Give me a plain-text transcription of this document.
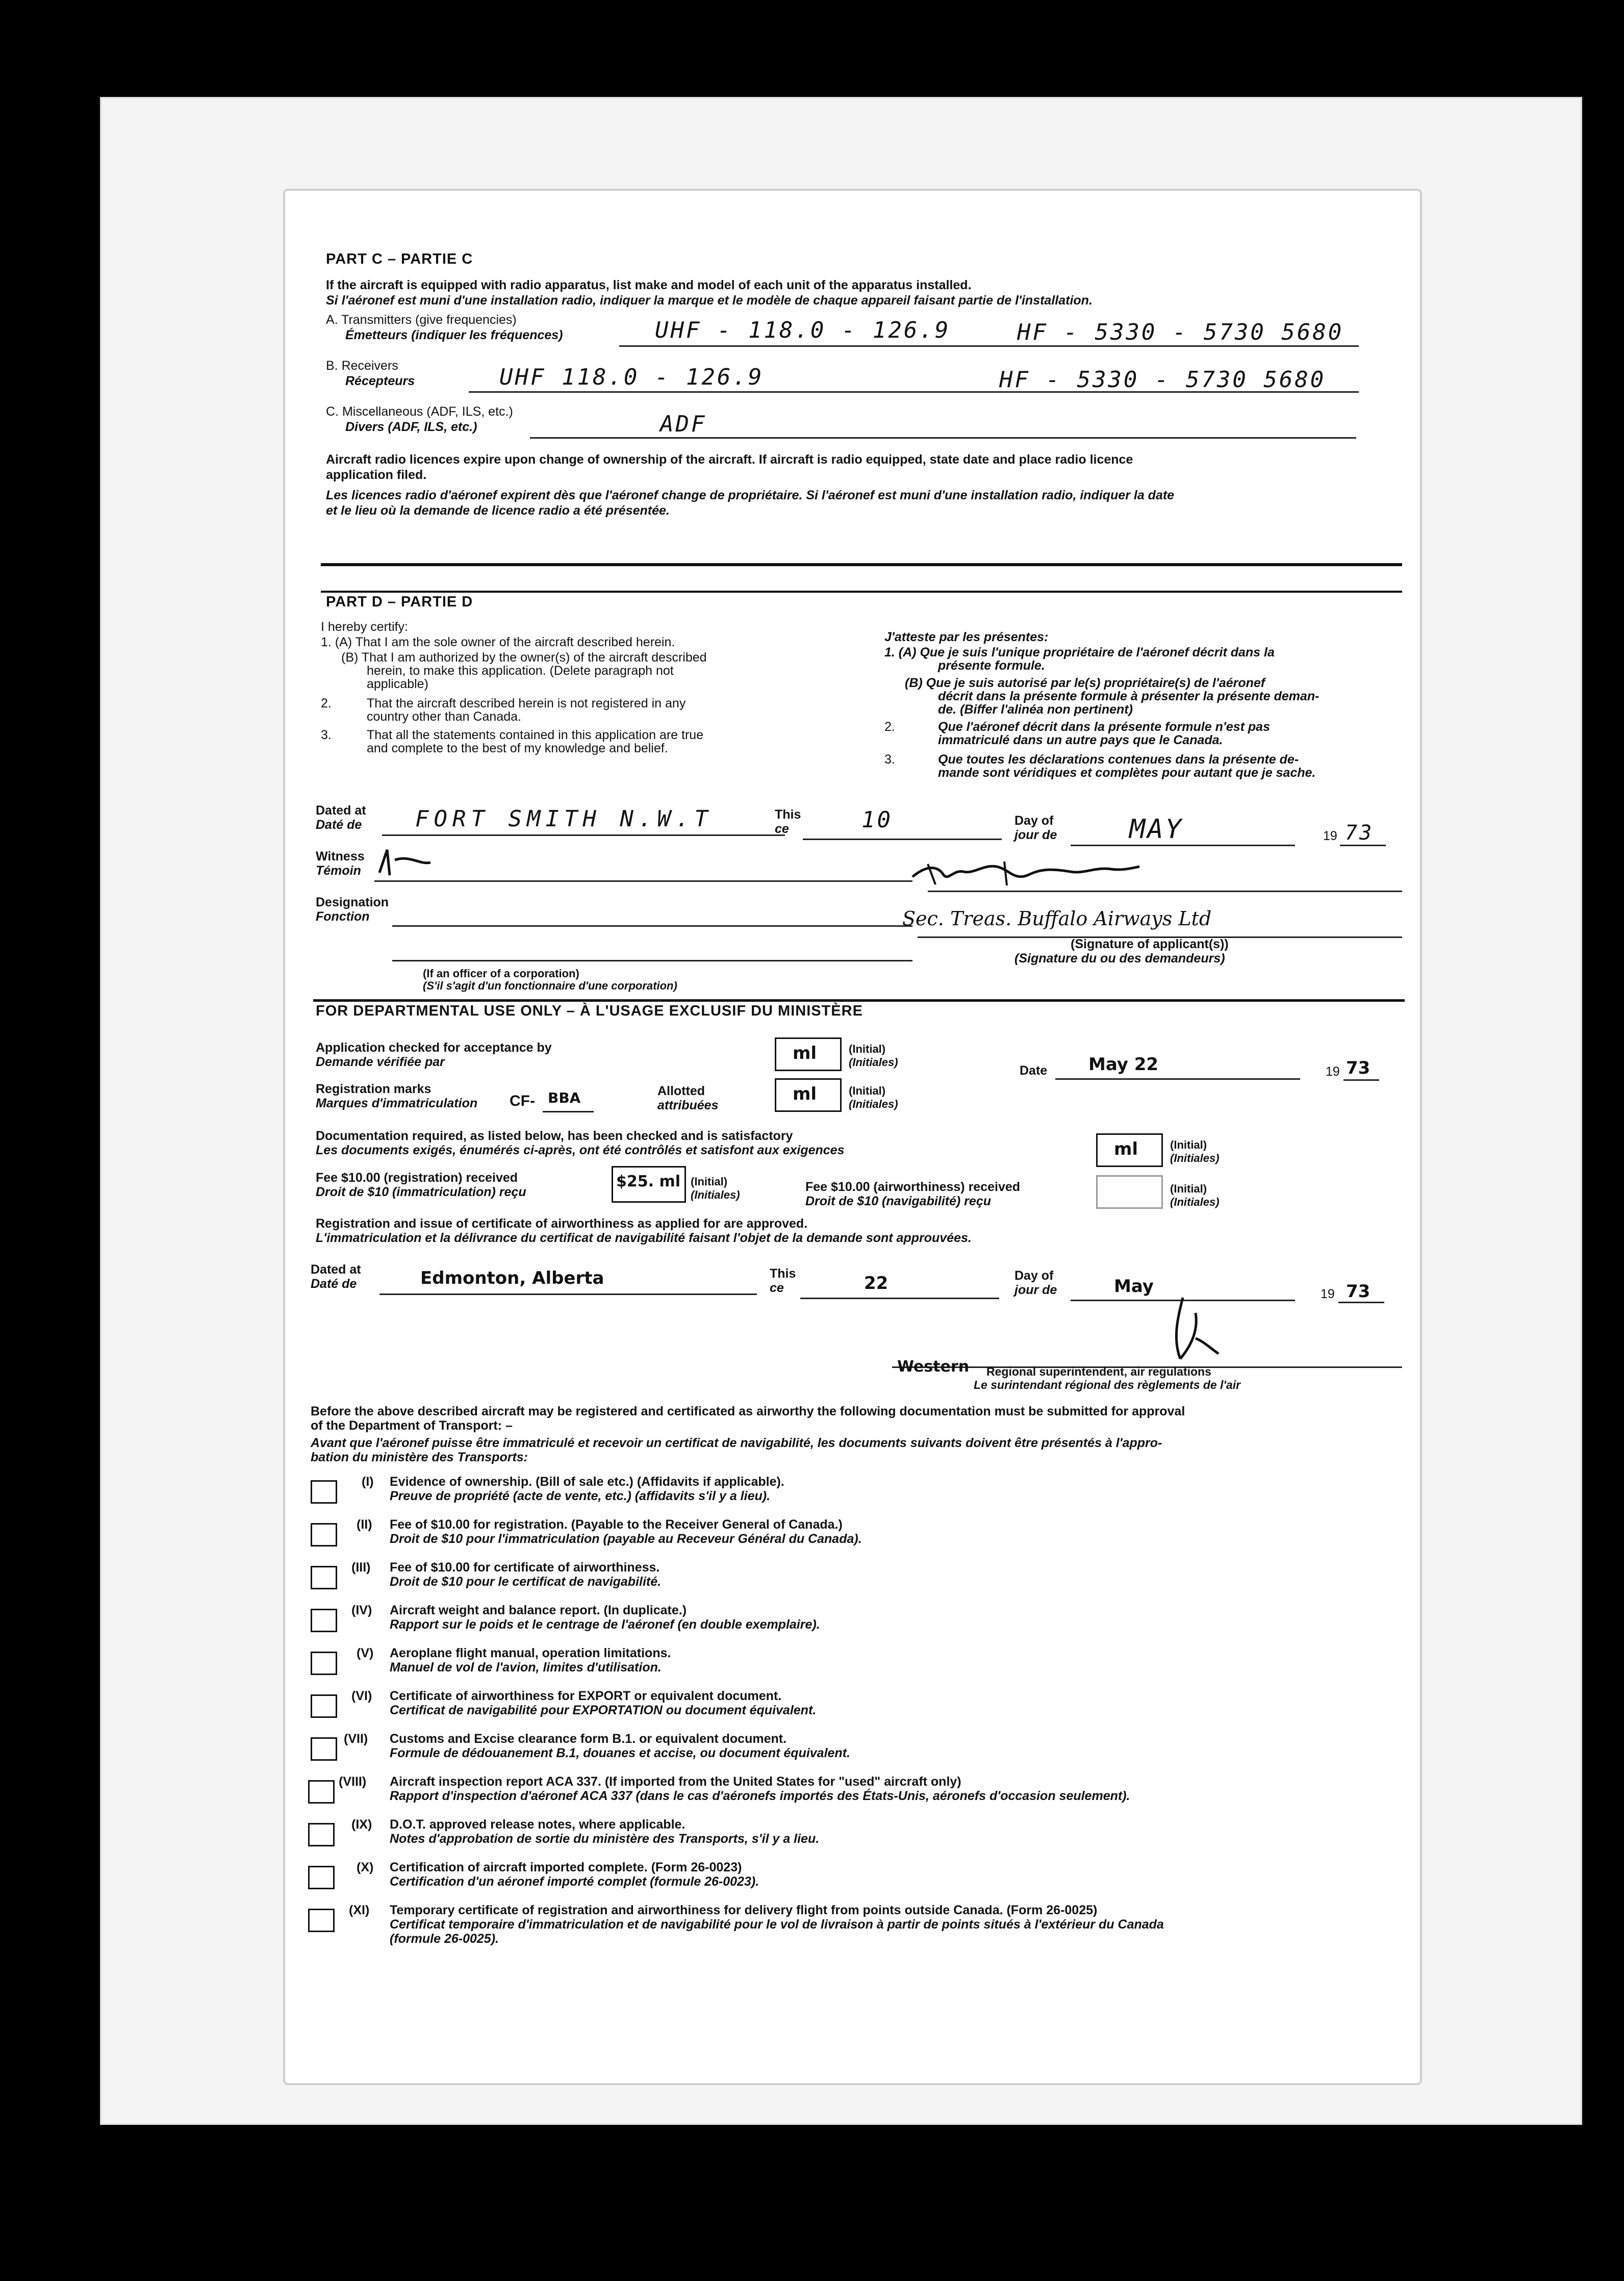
PART C – PARTIE C
If the aircraft is equipped with radio apparatus, list make and model of each unit of the apparatus installed.
Si l'aéronef est muni d'une installation radio, indiquer la marque et le modèle de chaque appareil faisant partie de l'installation.
A. Transmitters (give frequencies)
Émetteurs (indiquer les fréquences)	UHF - 118.0 - 126.9	HF - 5330 - 5730 5680
B. Receivers
Récepteurs	UHF 118.0 - 126.9	HF - 5330 - 5730 5680
C. Miscellaneous (ADF, ILS, etc.)
Divers (ADF, ILS, etc.)	ADF
Aircraft radio licences expire upon change of ownership of the aircraft. If aircraft is radio equipped, state date and place radio licence
application filed.
Les licences radio d'aéronef expirent dès que l'aéronef change de propriétaire. Si l'aéronef est muni d'une installation radio, indiquer la date
et le lieu où la demande de licence radio a été présentée.
PART D – PARTIE D
I hereby certify:
1. (A) That I am the sole owner of the aircraft described herein.
(B) That I am authorized by the owner(s) of the aircraft described
herein, to make this application. (Delete paragraph not
applicable)
2.	That the aircraft described herein is not registered in any
country other than Canada.
3.	That all the statements contained in this application are true
and complete to the best of my knowledge and belief.
J'atteste par les présentes:
1. (A) Que je suis l'unique propriétaire de l'aéronef décrit dans la
présente formule.
(B) Que je suis autorisé par le(s) propriétaire(s) de l'aéronef
décrit dans la présente formule à présenter la présente deman-
de. (Biffer l'alinéa non pertinent)
2.	Que l'aéronef décrit dans la présente formule n'est pas
immatriculé dans un autre pays que le Canada.
3.	Que toutes les déclarations contenues dans la présente de-
mande sont véridiques et complètes pour autant que je sache.
Dated at
Daté de FORT SMITH N.W.T	This
ce	10	Day of
jour de	MAY	19 73
Witness
Témoin
Designation
Fonction	Sec. Treas. Buffalo Airways Ltd
(Signature of applicant(s))
(Signature du ou des demandeurs)
(If an officer of a corporation)
(S'il s'agit d'un fonctionnaire d'une corporation)
FOR DEPARTMENTAL USE ONLY – À L'USAGE EXCLUSIF DU MINISTÈRE
Application checked for acceptance by
Demande vérifiée par	ml	(Initial)
(Initiales)
Date May 22	19 73
Registration marks
Marques d'immatriculation CF- BBA	Allotted
attribuées
ml	(Initial)
(Initiales)
Documentation required, as listed below, has been checked and is satisfactory
Les documents exigés, énumérés ci-après, ont été contrôlés et satisfont aux exigences	ml	(Initial)
(Initiales)
Fee $10.00 (registration) received
Droit de $10 (immatriculation) reçu
$25. ml (Initial)
(Initiales)
Fee $10.00 (airworthiness) received
Droit de $10 (navigabilité) reçu
(Initial)
(Initiales)
Registration and issue of certificate of airworthiness as applied for are approved.
L'immatriculation et la délivrance du certificat de navigabilité faisant l'objet de la demande sont approuvées.
Dated at
Daté de	Edmonton, Alberta	This
ce	22	Day of
jour de	May	19 73
Western Regional superintendent, air regulations
Le surintendant régional des règlements de l'air
Before the above described aircraft may be registered and certificated as airworthy the following documentation must be submitted for approval
of the Department of Transport: –
Avant que l'aéronef puisse être immatriculé et recevoir un certificat de navigabilité, les documents suivants doivent être présentés à l'appro-
bation du ministère des Transports:
(I) Evidence of ownership. (Bill of sale etc.) (Affidavits if applicable).
Preuve de propriété (acte de vente, etc.) (affidavits s'il y a lieu).
(II) Fee of $10.00 for registration. (Payable to the Receiver General of Canada.)
Droit de $10 pour l'immatriculation (payable au Receveur Général du Canada).
(III) Fee of $10.00 for certificate of airworthiness.
Droit de $10 pour le certificat de navigabilité.
(IV) Aircraft weight and balance report. (In duplicate.)
Rapport sur le poids et le centrage de l'aéronef (en double exemplaire).
(V) Aeroplane flight manual, operation limitations.
Manuel de vol de l'avion, limites d'utilisation.
(VI) Certificate of airworthiness for EXPORT or equivalent document.
Certificat de navigabilité pour EXPORTATION ou document équivalent.
(VII) Customs and Excise clearance form B.1. or equivalent document.
Formule de dédouanement B.1, douanes et accise, ou document équivalent.
(VIII) Aircraft inspection report ACA 337. (If imported from the United States for "used" aircraft only)
Rapport d'inspection d'aéronef ACA 337 (dans le cas d'aéronefs importés des États-Unis, aéronefs d'occasion seulement).
(IX) D.O.T. approved release notes, where applicable.
Notes d'approbation de sortie du ministère des Transports, s'il y a lieu.
(X) Certification of aircraft imported complete. (Form 26-0023)
Certification d'un aéronef importé complet (formule 26-0023).
(XI) Temporary certificate of registration and airworthiness for delivery flight from points outside Canada. (Form 26-0025)
Certificat temporaire d'immatriculation et de navigabilité pour le vol de livraison à partir de points situés à l'extérieur du Canada
(formule 26-0025).
